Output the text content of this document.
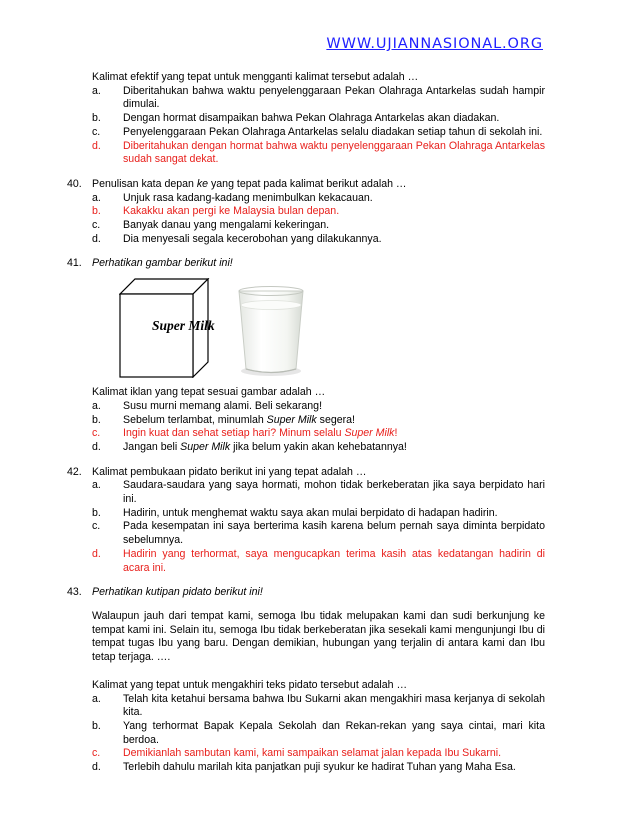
WWW.UJIANNASIONAL.ORG
Kalimat efektif yang tepat untuk mengganti kalimat tersebut adalah …
a. Diberitahukan bahwa waktu penyelenggaraan Pekan Olahraga Antarkelas sudah hampir dimulai.
b. Dengan hormat disampaikan bahwa Pekan Olahraga Antarkelas akan diadakan.
c. Penyelenggaraan Pekan Olahraga Antarkelas selalu diadakan setiap tahun di sekolah ini.
d. Diberitahukan dengan hormat bahwa waktu penyelenggaraan Pekan Olahraga Antarkelas sudah sangat dekat.
40. Penulisan kata depan ke yang tepat pada kalimat berikut adalah …
a. Unjuk rasa kadang-kadang menimbulkan kekacauan.
b. Kakakku akan pergi ke Malaysia bulan depan.
c. Banyak danau yang mengalami kekeringan.
d. Dia menyesali segala kecerobohan yang dilakukannya.
41. Perhatikan gambar berikut ini!
Super Milk
Kalimat iklan yang tepat sesuai gambar adalah …
a. Susu murni memang alami. Beli sekarang!
b. Sebelum terlambat, minumlah Super Milk segera!
c. Ingin kuat dan sehat setiap hari? Minum selalu Super Milk!
d. Jangan beli Super Milk jika belum yakin akan kehebatannya!
42. Kalimat pembukaan pidato berikut ini yang tepat adalah …
a. Saudara-saudara yang saya hormati, mohon tidak berkeberatan jika saya berpidato hari ini.
b. Hadirin, untuk menghemat waktu saya akan mulai berpidato di hadapan hadirin.
c. Pada kesempatan ini saya berterima kasih karena belum pernah saya diminta berpidato sebelumnya.
d. Hadirin yang terhormat, saya mengucapkan terima kasih atas kedatangan hadirin di acara ini.
43. Perhatikan kutipan pidato berikut ini!
Walaupun jauh dari tempat kami, semoga Ibu tidak melupakan kami dan sudi berkunjung ke tempat kami ini. Selain itu, semoga Ibu tidak berkeberatan jika sesekali kami mengunjungi Ibu di tempat tugas Ibu yang baru. Dengan demikian, hubungan yang terjalin di antara kami dan Ibu tetap terjaga. ….
Kalimat yang tepat untuk mengakhiri teks pidato tersebut adalah …
a. Telah kita ketahui bersama bahwa Ibu Sukarni akan mengakhiri masa kerjanya di sekolah kita.
b. Yang terhormat Bapak Kepala Sekolah dan Rekan-rekan yang saya cintai, mari kita berdoa.
c. Demikianlah sambutan kami, kami sampaikan selamat jalan kepada Ibu Sukarni.
d. Terlebih dahulu marilah kita panjatkan puji syukur ke hadirat Tuhan yang Maha Esa.
